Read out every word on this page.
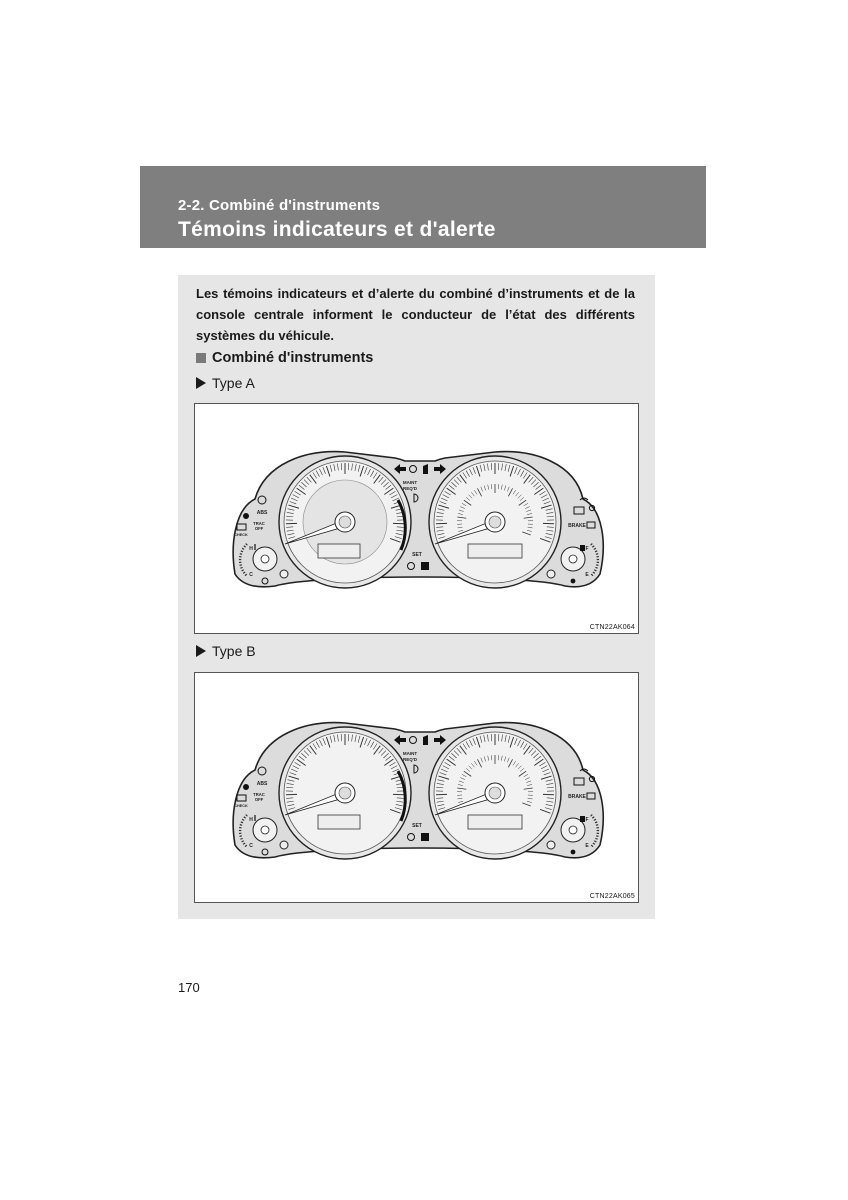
2-2. Combiné d'instruments
Témoins indicateurs et d'alerte
Les témoins indicateurs et d’alerte du combiné d’instruments et de la console centrale informent le conducteur de l’état des différents systèmes du véhicule.
Combiné d'instruments
Type A
MAINT
REQ'D
SET
ABS
TRAC
OFF
CHECK
H
C
BRAKE
F
E
CTN22AK064
Type B
MAINT
REQ'D
SET
ABS
TRAC
OFF
CHECK
H
C
BRAKE
F
E
CTN22AK065
170
